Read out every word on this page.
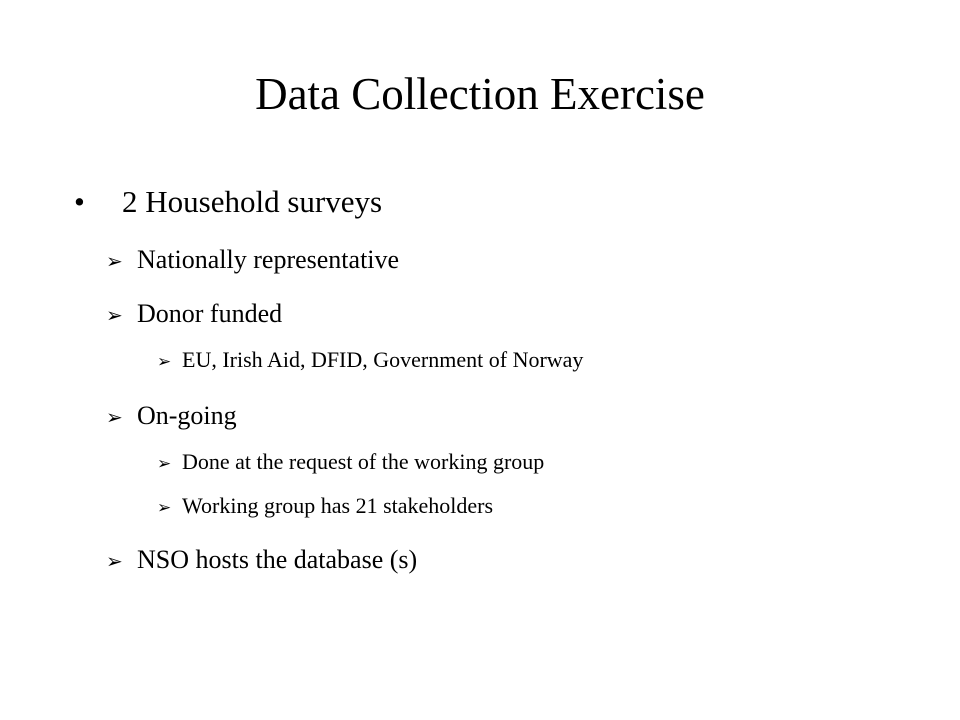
Data Collection Exercise
•	2 Household surveys
➢ Nationally representative
➢ Donor funded
➢ EU, Irish Aid, DFID, Government of Norway
➢ On-going
➢ Done at the request of the working group
➢ Working group has 21 stakeholders
➢ NSO hosts the database (s)
